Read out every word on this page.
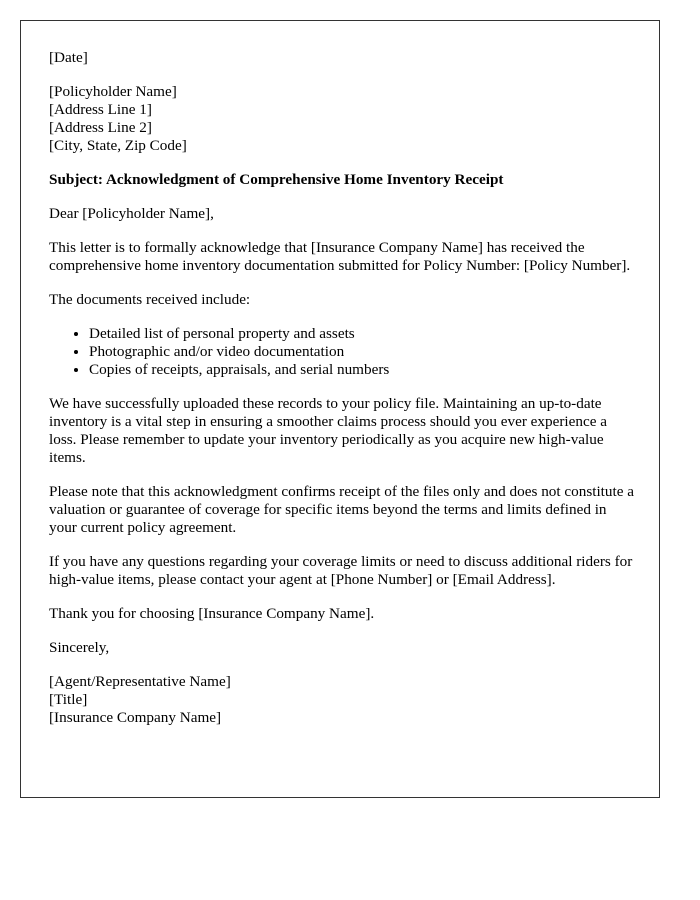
[Date]

[Policyholder Name]
[Address Line 1]
[Address Line 2]
[City, State, Zip Code]

Subject: Acknowledgment of Comprehensive Home Inventory Receipt

Dear [Policyholder Name],

This letter is to formally acknowledge that [Insurance Company Name] has received the comprehensive home inventory documentation submitted for Policy Number: [Policy Number].

The documents received include:

• Detailed list of personal property and assets
• Photographic and/or video documentation
• Copies of receipts, appraisals, and serial numbers

We have successfully uploaded these records to your policy file. Maintaining an up-to-date inventory is a vital step in ensuring a smoother claims process should you ever experience a loss. Please remember to update your inventory periodically as you acquire new high-value items.

Please note that this acknowledgment confirms receipt of the files only and does not constitute a valuation or guarantee of coverage for specific items beyond the terms and limits defined in your current policy agreement.

If you have any questions regarding your coverage limits or need to discuss additional riders for high-value items, please contact your agent at [Phone Number] or [Email Address].

Thank you for choosing [Insurance Company Name].

Sincerely,

[Agent/Representative Name]
[Title]
[Insurance Company Name]
